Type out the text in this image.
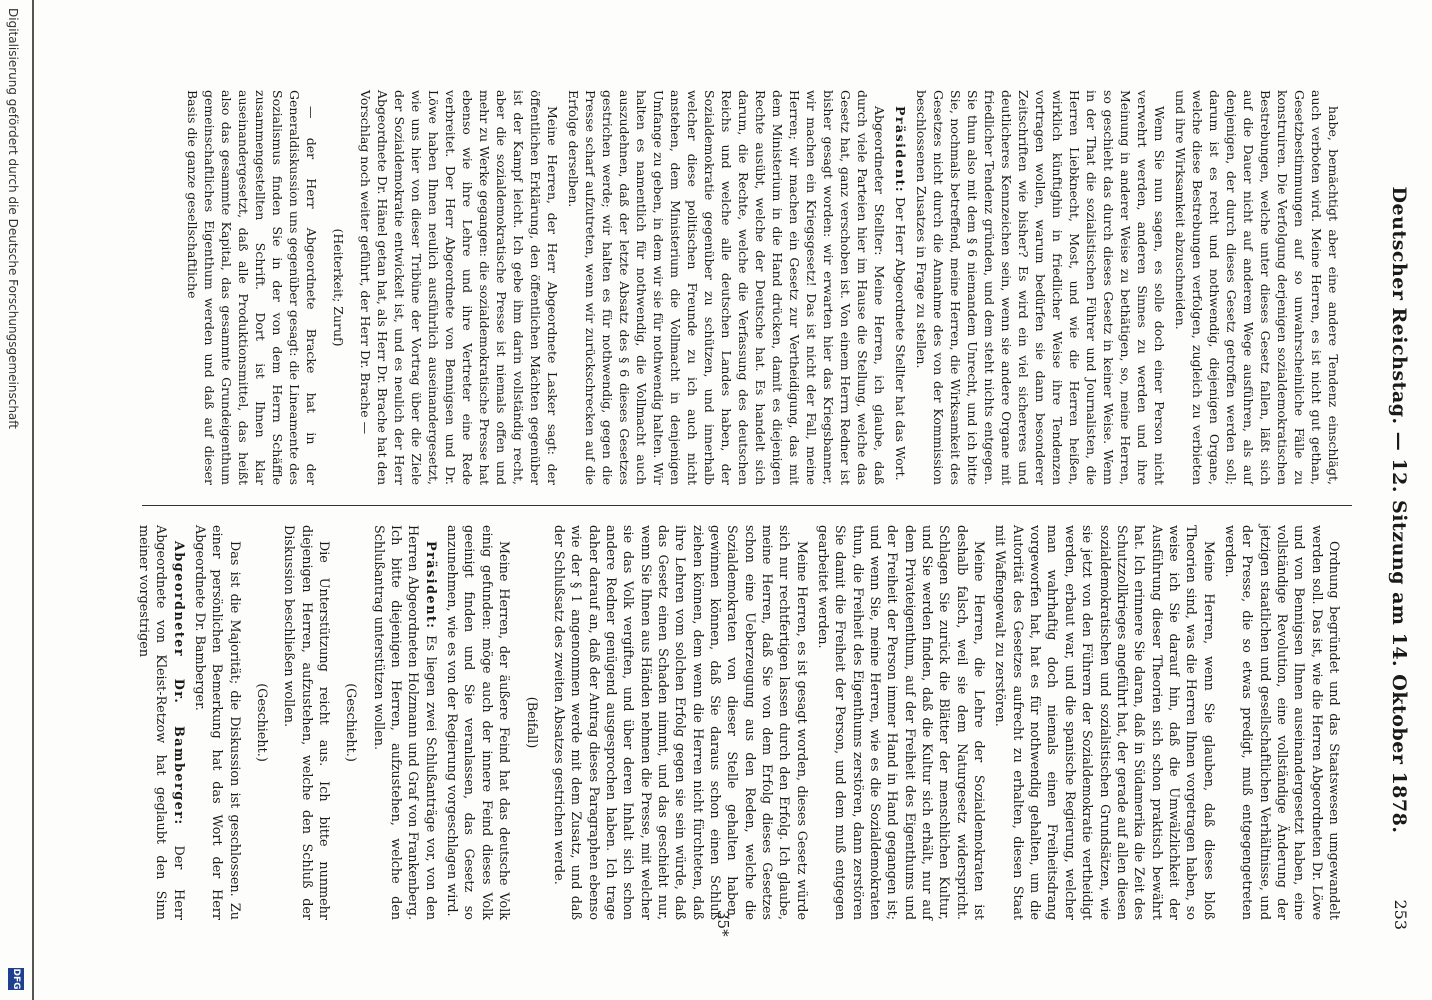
Deutscher Reichstag. — 12. Sitzung am 14. Oktober 1878.
253

habe, bemächtigt aber eine andere Tendenz einschlägt, auch verboten wird. Meine Herren, es ist nicht gut gethan, Gesetzbestimmungen auf so unwahrscheinliche Fälle zu konstruiren. Die Verfolgung derjenigen sozialdemokratischen Bestrebungen, welche unter dieses Gesetz fallen, läßt sich auf die Dauer nicht auf anderem Wege ausführen, als auf denjenigen, der durch dieses Gesetz getroffen werden soll; darum ist es recht und nothwendig, diejenigen Organe, welche diese Bestrebungen verfolgen, zugleich zu verbieten und ihre Wirksamkeit abzuschneiden.

Wenn Sie nun sagen, es solle doch einer Person nicht verwehrt werden, anderen Sinnes zu werden und ihre Meinung in anderer Weise zu bethätigen, so, meine Herren, so geschieht das durch dieses Gesetz in keiner Weise. Wenn in der That die sozialistischen Führer und Journalisten, die Herren Liebknecht, Most, und wie die Herren heißen, wirklich künftighin in friedlicher Weise ihre Tendenzen vortragen wollen, warum bedürfen sie dann besonderer Zeitschriften wie bisher? Es wird ein viel sichereres und deutlicheres Kennzeichen sein, wenn sie andere Organe mit friedlicher Tendenz gründen, und dem steht nichts entgegen. Sie thun also mit dem § 6 niemandem Unrecht, und ich bitte Sie, nochmals betreffend, meine Herren, die Wirksamkeit des Gesetzes nicht durch die Annahme des von der Kommission beschlossenen Zusatzes in Frage zu stellen.

Präsident: Der Herr Abgeordnete Stellter hat das Wort.

Abgeordneter Stellter: Meine Herren, ich glaube, daß durch viele Parteien hier im Hause die Stellung, welche das Gesetz hat, ganz verschoben ist. Von einem Herrn Redner ist bisher gesagt worden: wir erwarten hier das Kriegsbanner, wir machen ein Kriegsgesetz! Das ist nicht der Fall, meine Herren; wir machen ein Gesetz zur Vertheidigung, das mit dem Ministerium in die Hand drücken, damit es diejenigen Rechte ausübt, welche der Deutsche hat. Es handelt sich darum, die Rechte, welche die Verfassung des deutschen Reichs und welche alle deutschen Landes haben, der Sozialdemokratie gegenüber zu schützen, und innerhalb welcher diese politischen Freunde zu ich auch nicht anstehen, dem Ministerium die Vollmacht in denjenigen Umfange zu geben, in dem wir sie für nothwendig halten. Wir halten es namentlich für nothwendig, die Vollmacht auch auszudehnen, daß der letzte Absatz des § 6 dieses Gesetzes gestrichen werde; wir halten es für nothwendig, gegen die Presse scharf aufzutreten, wenn wir zurückschrecken auf die Erfolge derselben.

Meine Herren, der Herr Abgeordnete Lasker sagt: der öffentlichen Erklärung, den öffentlichen Mächten gegenüber ist der Kampf leicht. Ich gebe ihm darin vollständig recht, aber die sozialdemokratische Presse ist niemals offen und mehr zu Werke gegangen: die sozialdemokratische Presse hat ebenso wie ihre Lehre und ihre Vertreter eine Rede verbreitet. Der Herr Abgeordnete von Bennigsen und Dr. Löwe haben Ihnen neulich ausführlich auseinandergesetzt, wie uns hier von dieser Tribüne der Vortrag über die Ziele der Sozialdemokratie entwickelt ist, und es neulich der Herr Abgeordnete Dr. Hänel getan hat, als Herr Dr. Brache hat den Vorschlag noch weiter geführt, der Herr Dr. Brache —

(Heiterkeit; Zuruf)

— der Herr Abgeordnete Bracke hat in der Generaldiskussion uns gegenüber gesagt: die Lineamente des Sozialismus finden Sie in der von dem Herrn Schäffle zusammengestellten Schrift. Dort ist Ihnen klar auseinandergesetzt, daß alle Produktionsmittel, das heißt also das gesammte Kapital, das gesammte Grundeigenthum gemeinschaftliches Eigenthum werden und daß auf dieser Basis die ganze gesellschaftliche

Ordnung begründet und das Staatswesen umgewandelt werden soll. Das ist, wie die Herren Abgeordneten Dr. Löwe und von Bennigsen Ihnen auseinandergesetzt haben, eine vollständige Revolution, eine vollständige Änderung der jetzigen staatlichen und gesellschaftlichen Verhältnisse, und der Presse, die so etwas predigt, muß entgegengetreten werden.

Meine Herren, wenn Sie glauben, daß dieses bloß Theorien sind, was die Herren Ihnen vorgetragen haben, so weise ich Sie darauf hin, daß die Umwälzlichkeit der Ausführung dieser Theorien sich schon praktisch bewährt hat. Ich erinnere Sie daran, daß in Südamerika die Zeit des Schutzzollkrieges angeführt hat, der gerade auf allen diesen sozialdemokratischen und sozialistischen Grundsätzen, wie sie jetzt von den Führern der Sozialdemokratie vertheidigt werden, erbaut war, und die spanische Regierung, welcher man wahrhaftig doch niemals einen Freiheitsdrang vorgeworfen hat, hat es für nothwendig gehalten, um die Autorität des Gesetzes aufrecht zu erhalten, diesen Staat mit Waffengewalt zu zerstören.

Meine Herren, die Lehre der Sozialdemokraten ist deshalb falsch, weil sie dem Naturgesetz widerspricht. Schlagen Sie zurück die Blätter der menschlichen Kultur, und Sie werden finden, daß die Kultur sich erhält, nur auf dem Privateigenthum, auf der Freiheit des Eigenthums und der Freiheit der Person immer Hand in Hand gegangen ist; und wenn Sie, meine Herren, wie es die Sozialdemokraten thun, die Freiheit des Eigenthums zerstören, dann zerstören Sie damit die Freiheit der Person, und dem muß entgegen gearbeitet werden.

Meine Herren, es ist gesagt worden, dieses Gesetz würde sich nur rechtfertigen lassen durch den Erfolg. Ich glaube, meine Herren, daß Sie von dem Erfolg dieses Gesetzes schon eine Ueberzeugung aus den Reden, welche die Sozialdemokraten von dieser Stelle gehalten haben, gewinnen können, daß Sie daraus schon einen Schluß ziehen können, dem wenn die Herren nicht fürchteten, daß ihre Lehren vom solchen Erfolg gegen sie sein würde, daß das Gesetz einen Schaden nimmt, und das geschieht nur, wenn Sie Ihnen aus Händen nehmen die Presse, mit welcher sie das Volk vergiften, und über deren Inhalt sich schon andere Redner genügend ausgesprochen haben. Ich trage daher darauf an, daß der Antrag dieses Paragraphen ebenso wie der § 1 angenommen werde mit dem Zusatz, und daß der Schlußsatz des zweiten Absatzes gestrichen werde.

(Beifall)

Meine Herren, der äußere Feind hat das deutsche Volk einig gefunden: möge auch der innere Feind dieses Volk geeinigt finden und Sie veranlassen, das Gesetz so anzunehmen, wie es von der Regierung vorgeschlagen wird.

Präsident: Es liegen zwei Schlußanträge vor, von den Herren Abgeordneten Holzmann und Graf von Frankenberg. Ich bitte diejenigen Herren, aufzustehen, welche den Schlußantrag unterstützen wollen.

(Geschieht.)

Die Unterstützung reicht aus. Ich bitte nunmehr diejenigen Herren, aufzustehen, welche den Schluß der Diskussion beschließen wollen.

(Geschieht.)

Das ist die Majorität; die Diskussion ist geschlossen. Zu einer persönlichen Bemerkung hat das Wort der Herr Abgeordnete Dr. Bamberger.

Abgeordneter Dr. Bamberger: Der Herr Abgeordnete von Kleist-Retzow hat geglaubt den Sinn meiner vorgestrigen

35*
Digitalisierung gefördert durch die Deutsche Forschungsgemeinschaft
DFG
